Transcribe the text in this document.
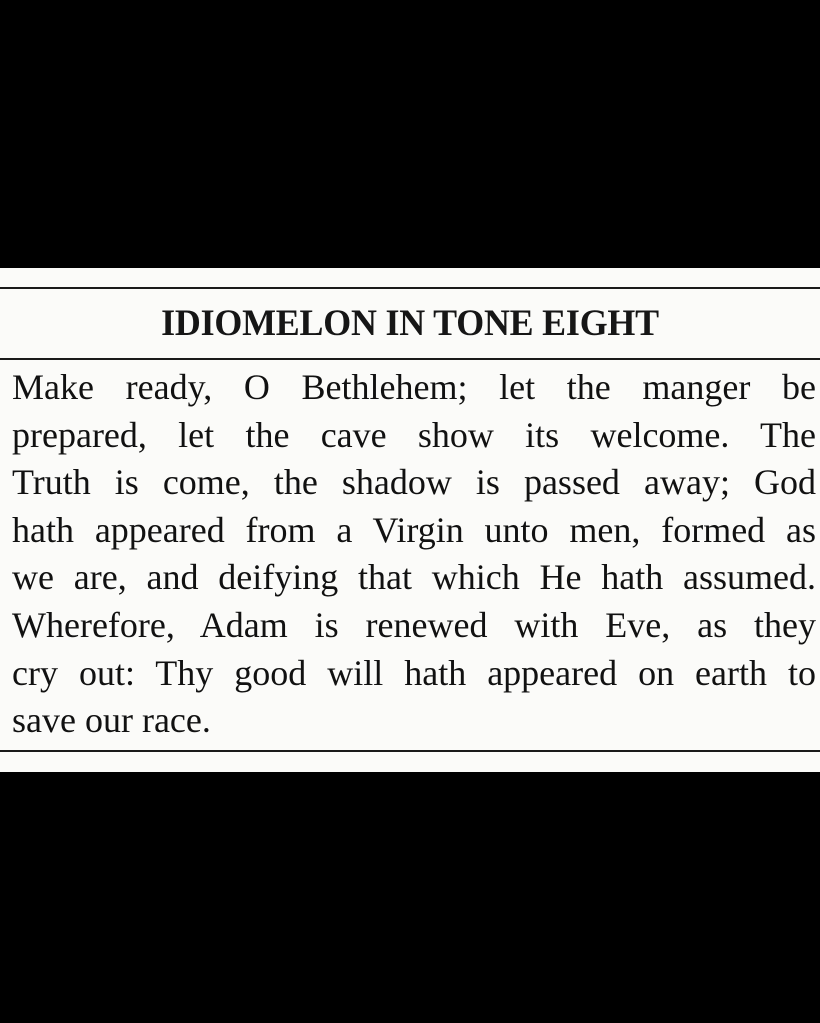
IDIOMELON IN TONE EIGHT
Make ready, O Bethlehem; let the manger be
prepared, let the cave show its welcome. The
Truth is come, the shadow is passed away; God
hath appeared from a Virgin unto men, formed as
we are, and deifying that which He hath assumed.
Wherefore, Adam is renewed with Eve, as they
cry out: Thy good will hath appeared on earth to
save our race.
